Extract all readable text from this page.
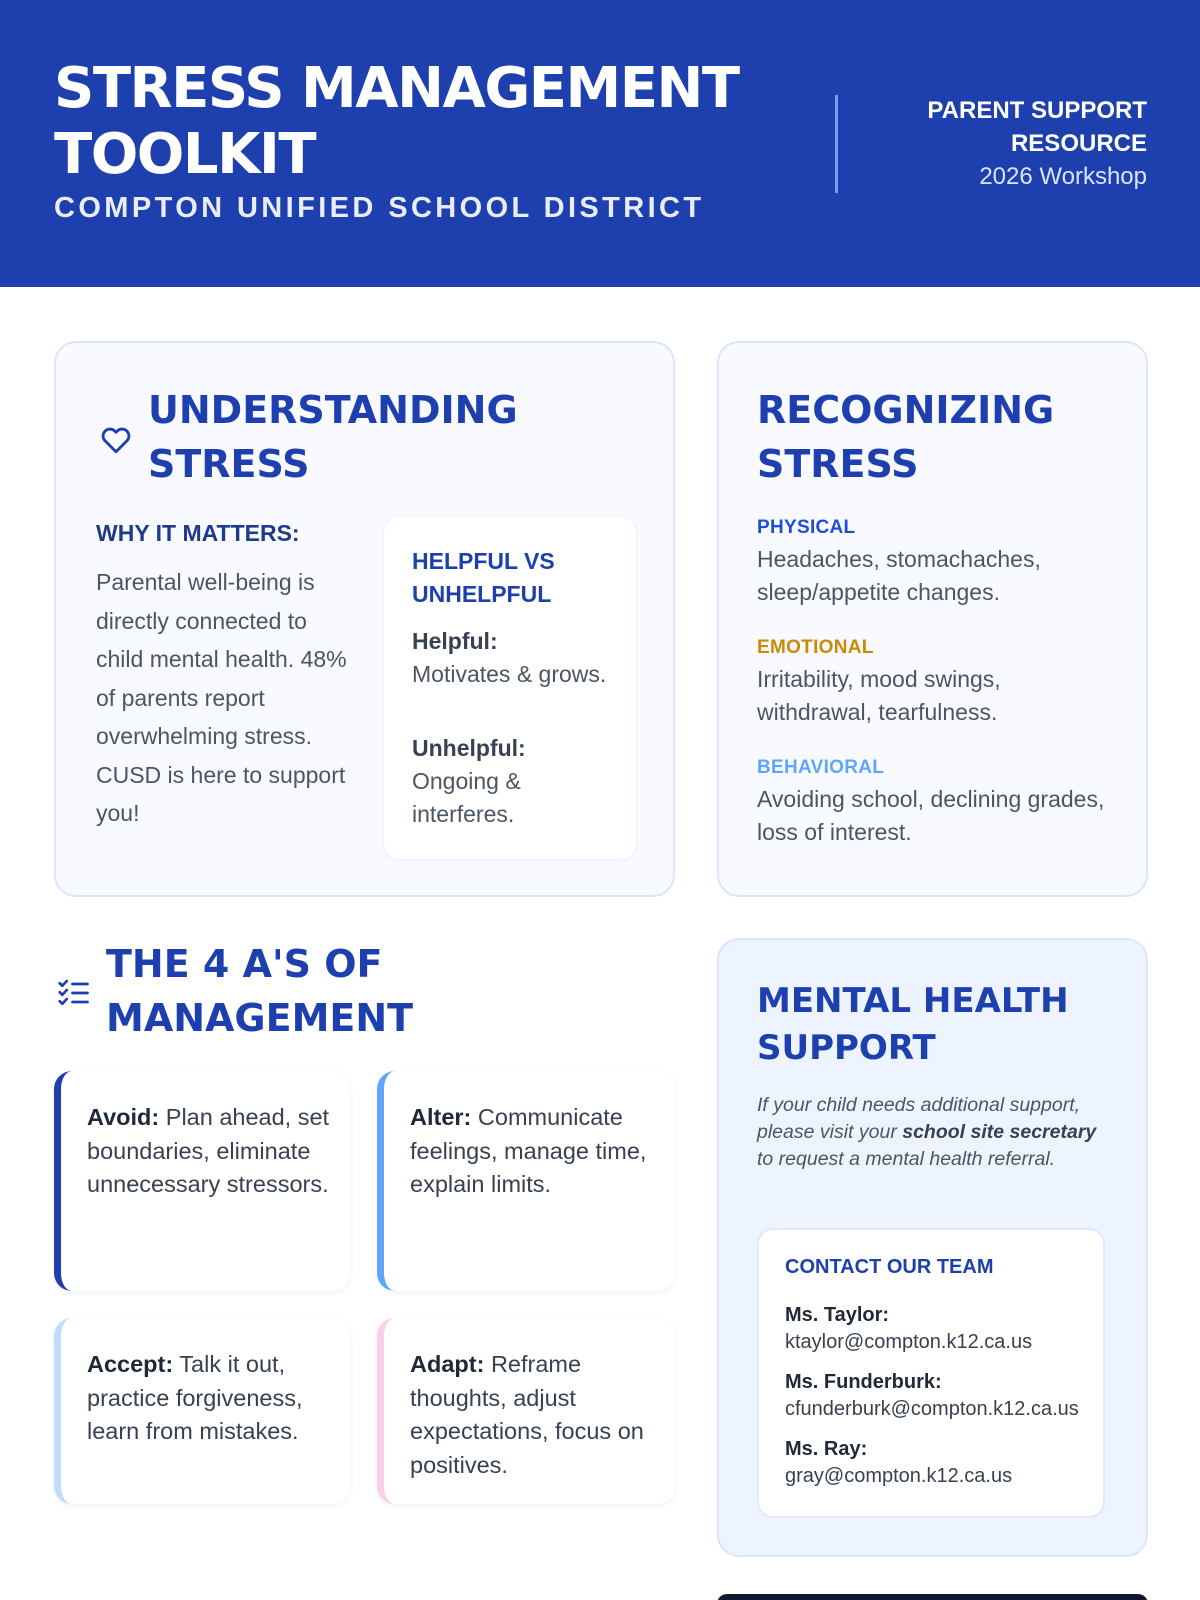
STRESS MANAGEMENT TOOLKIT
COMPTON UNIFIED SCHOOL DISTRICT
PARENT SUPPORT RESOURCE
2026 Workshop
UNDERSTANDING STRESS
WHY IT MATTERS:
Parental well-being is directly connected to child mental health. 48% of parents report overwhelming stress. CUSD is here to support you!
HELPFUL VS UNHELPFUL
Helpful:
Motivates & grows.
Unhelpful:
Ongoing & interferes.
RECOGNIZING STRESS
PHYSICAL
Headaches, stomachaches, sleep/appetite changes.
EMOTIONAL
Irritability, mood swings, withdrawal, tearfulness.
BEHAVIORAL
Avoiding school, declining grades, loss of interest.
THE 4 A'S OF MANAGEMENT
Avoid: Plan ahead, set boundaries, eliminate unnecessary stressors.
Alter: Communicate feelings, manage time, explain limits.
Accept: Talk it out, practice forgiveness, learn from mistakes.
Adapt: Reframe thoughts, adjust expectations, focus on positives.
MENTAL HEALTH SUPPORT
If your child needs additional support, please visit your school site secretary to request a mental health referral.
CONTACT OUR TEAM
Ms. Taylor:
ktaylor@compton.k12.ca.us
Ms. Funderburk:
cfunderburk@compton.k12.ca.us
Ms. Ray:
gray@compton.k12.ca.us
